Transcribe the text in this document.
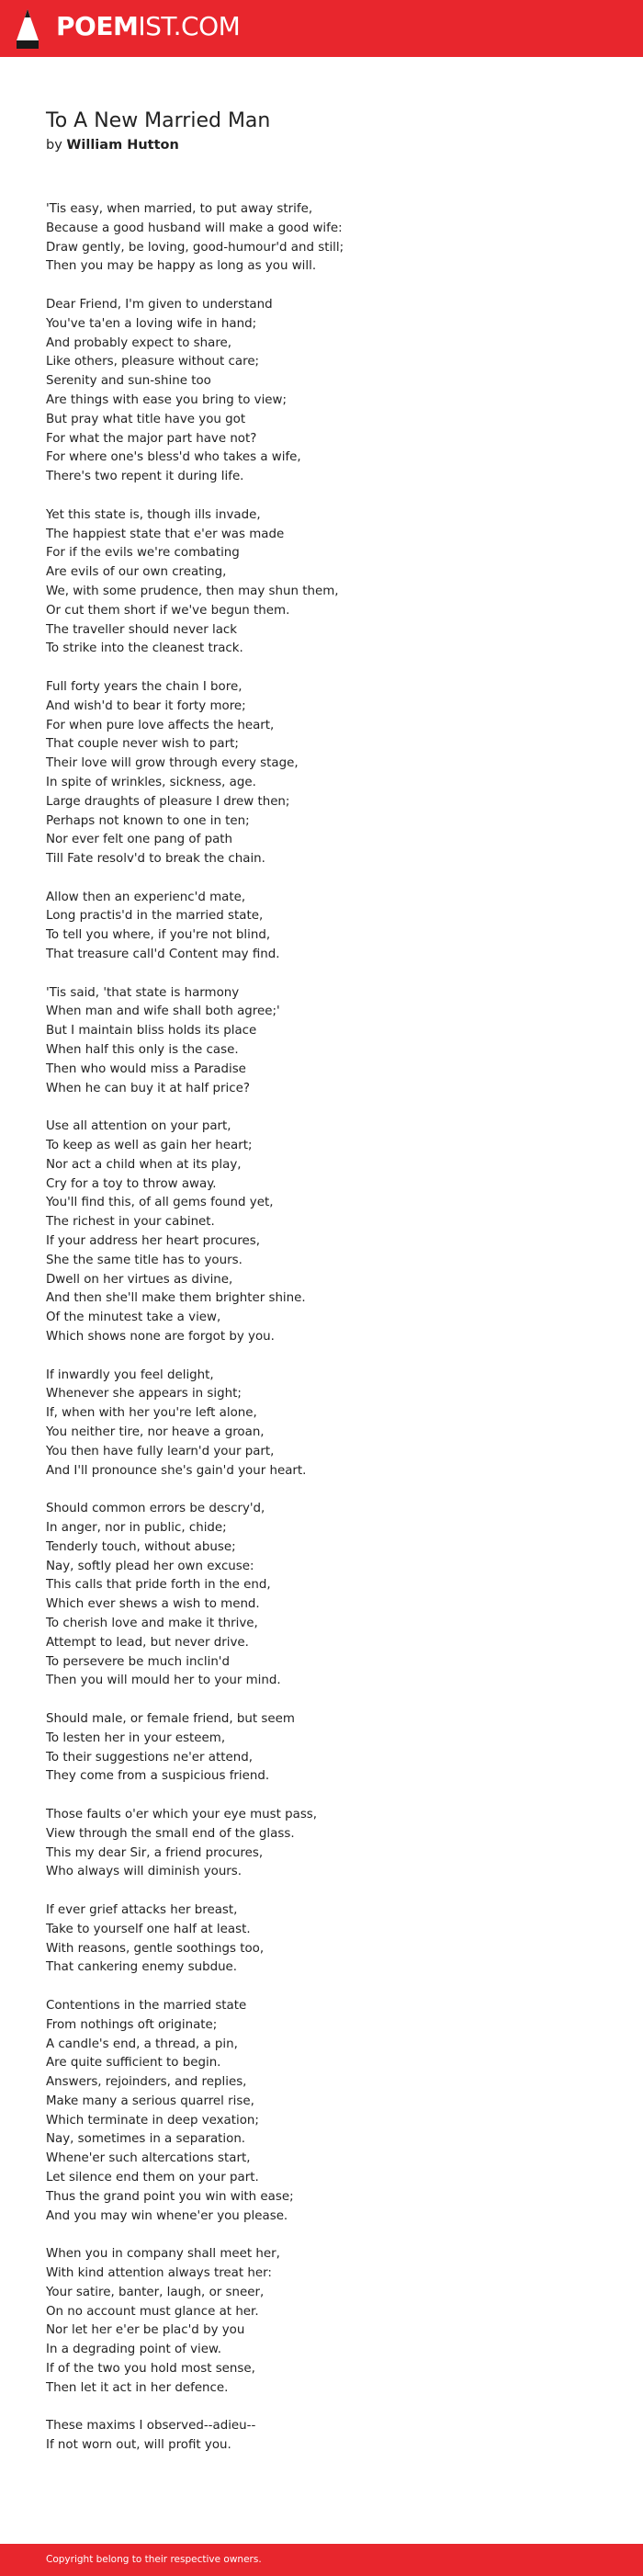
POEMIST.COM
To A New Married Man
by William Hutton
'Tis easy, when married, to put away strife,
Because a good husband will make a good wife:
Draw gently, be loving, good-humour'd and still;
Then you may be happy as long as you will.
Dear Friend, I'm given to understand
You've ta'en a loving wife in hand;
And probably expect to share,
Like others, pleasure without care;
Serenity and sun-shine too
Are things with ease you bring to view;
But pray what title have you got
For what the major part have not?
For where one's bless'd who takes a wife,
There's two repent it during life.
Yet this state is, though ills invade,
The happiest state that e'er was made
For if the evils we're combating
Are evils of our own creating,
We, with some prudence, then may shun them,
Or cut them short if we've begun them.
The traveller should never lack
To strike into the cleanest track.
Full forty years the chain I bore,
And wish'd to bear it forty more;
For when pure love affects the heart,
That couple never wish to part;
Their love will grow through every stage,
In spite of wrinkles, sickness, age.
Large draughts of pleasure I drew then;
Perhaps not known to one in ten;
Nor ever felt one pang of path
Till Fate resolv'd to break the chain.
Allow then an experienc'd mate,
Long practis'd in the married state,
To tell you where, if you're not blind,
That treasure call'd Content may find.
'Tis said, 'that state is harmony
When man and wife shall both agree;'
But I maintain bliss holds its place
When half this only is the case.
Then who would miss a Paradise
When he can buy it at half price?
Use all attention on your part,
To keep as well as gain her heart;
Nor act a child when at its play,
Cry for a toy to throw away.
You'll find this, of all gems found yet,
The richest in your cabinet.
If your address her heart procures,
She the same title has to yours.
Dwell on her virtues as divine,
And then she'll make them brighter shine.
Of the minutest take a view,
Which shows none are forgot by you.
If inwardly you feel delight,
Whenever she appears in sight;
If, when with her you're left alone,
You neither tire, nor heave a groan,
You then have fully learn'd your part,
And I'll pronounce she's gain'd your heart.
Should common errors be descry'd,
In anger, nor in public, chide;
Tenderly touch, without abuse;
Nay, softly plead her own excuse:
This calls that pride forth in the end,
Which ever shews a wish to mend.
To cherish love and make it thrive,
Attempt to lead, but never drive.
To persevere be much inclin'd
Then you will mould her to your mind.
Should male, or female friend, but seem
To lesten her in your esteem,
To their suggestions ne'er attend,
They come from a suspicious friend.
Those faults o'er which your eye must pass,
View through the small end of the glass.
This my dear Sir, a friend procures,
Who always will diminish yours.
If ever grief attacks her breast,
Take to yourself one half at least.
With reasons, gentle soothings too,
That cankering enemy subdue.
Contentions in the married state
From nothings oft originate;
A candle's end, a thread, a pin,
Are quite sufficient to begin.
Answers, rejoinders, and replies,
Make many a serious quarrel rise,
Which terminate in deep vexation;
Nay, sometimes in a separation.
Whene'er such altercations start,
Let silence end them on your part.
Thus the grand point you win with ease;
And you may win whene'er you please.
When you in company shall meet her,
With kind attention always treat her:
Your satire, banter, laugh, or sneer,
On no account must glance at her.
Nor let her e'er be plac'd by you
In a degrading point of view.
If of the two you hold most sense,
Then let it act in her defence.
These maxims I observed--adieu--
If not worn out, will profit you.
Copyright belong to their respective owners.
